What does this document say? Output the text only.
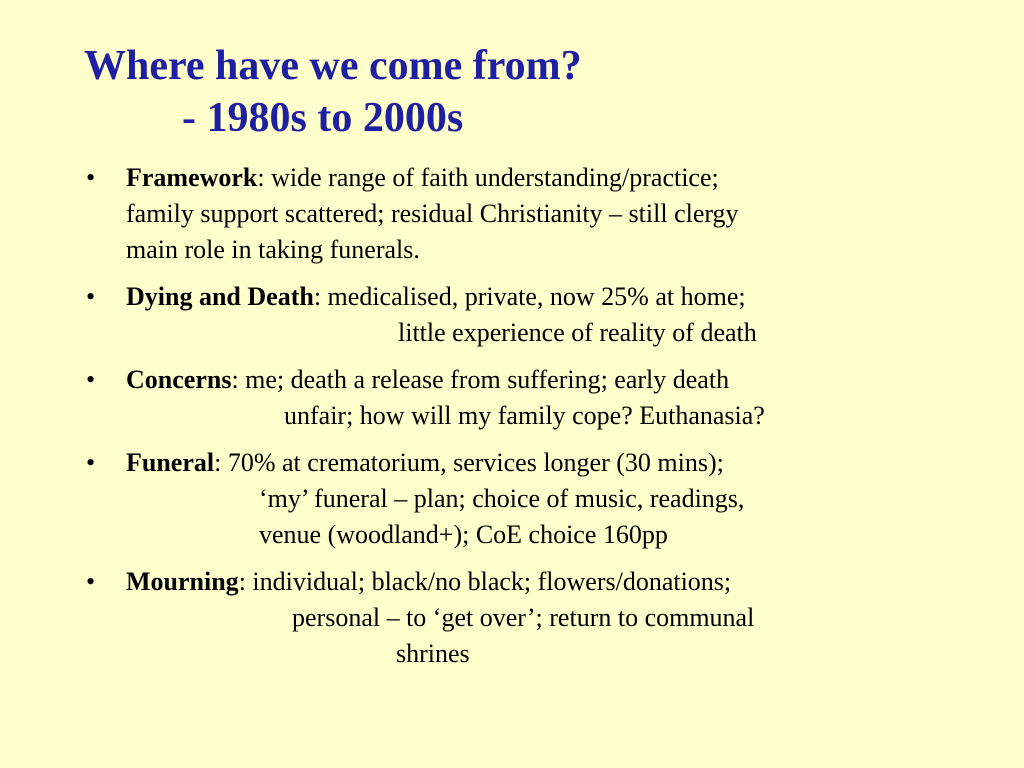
Where have we come from?
- 1980s to 2000s
• Framework: wide range of faith understanding/practice;
family support scattered; residual Christianity – still clergy
main role in taking funerals.
• Dying and Death: medicalised, private, now 25% at home;
little experience of reality of death
• Concerns: me; death a release from suffering; early death
unfair; how will my family cope? Euthanasia?
• Funeral: 70% at crematorium, services longer (30 mins);
‘my’ funeral – plan; choice of music, readings,
venue (woodland+); CoE choice 160pp
• Mourning: individual; black/no black; flowers/donations;
personal – to ‘get over’; return to communal
shrines
